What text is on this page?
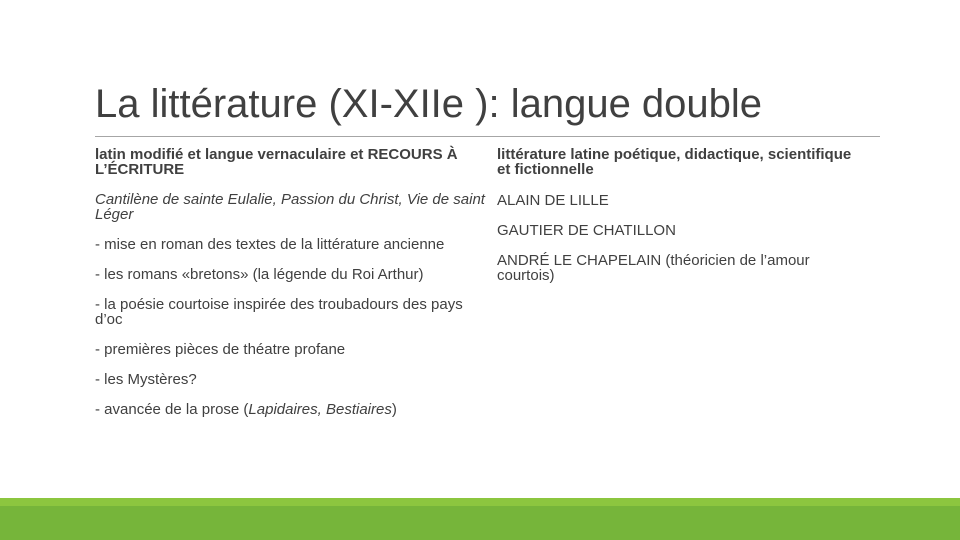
La littérature (XI-XIIe ): langue double

latin modifié et langue vernaculaire et RECOURS À L’ÉCRITURE

Cantilène de sainte Eulalie, Passion du Christ, Vie de saint Léger

- mise en roman des textes de la littérature ancienne

- les romans «bretons» (la légende du Roi Arthur)

- la poésie courtoise inspirée des troubadours des pays d’oc

- premières pièces de théatre profane

- les Mystères?

- avancée de la prose (Lapidaires, Bestiaires)

littérature latine poétique, didactique, scientifique et fictionnelle

ALAIN DE LILLE

GAUTIER DE CHATILLON

ANDRÉ LE CHAPELAIN (théoricien de l’amour courtois)
